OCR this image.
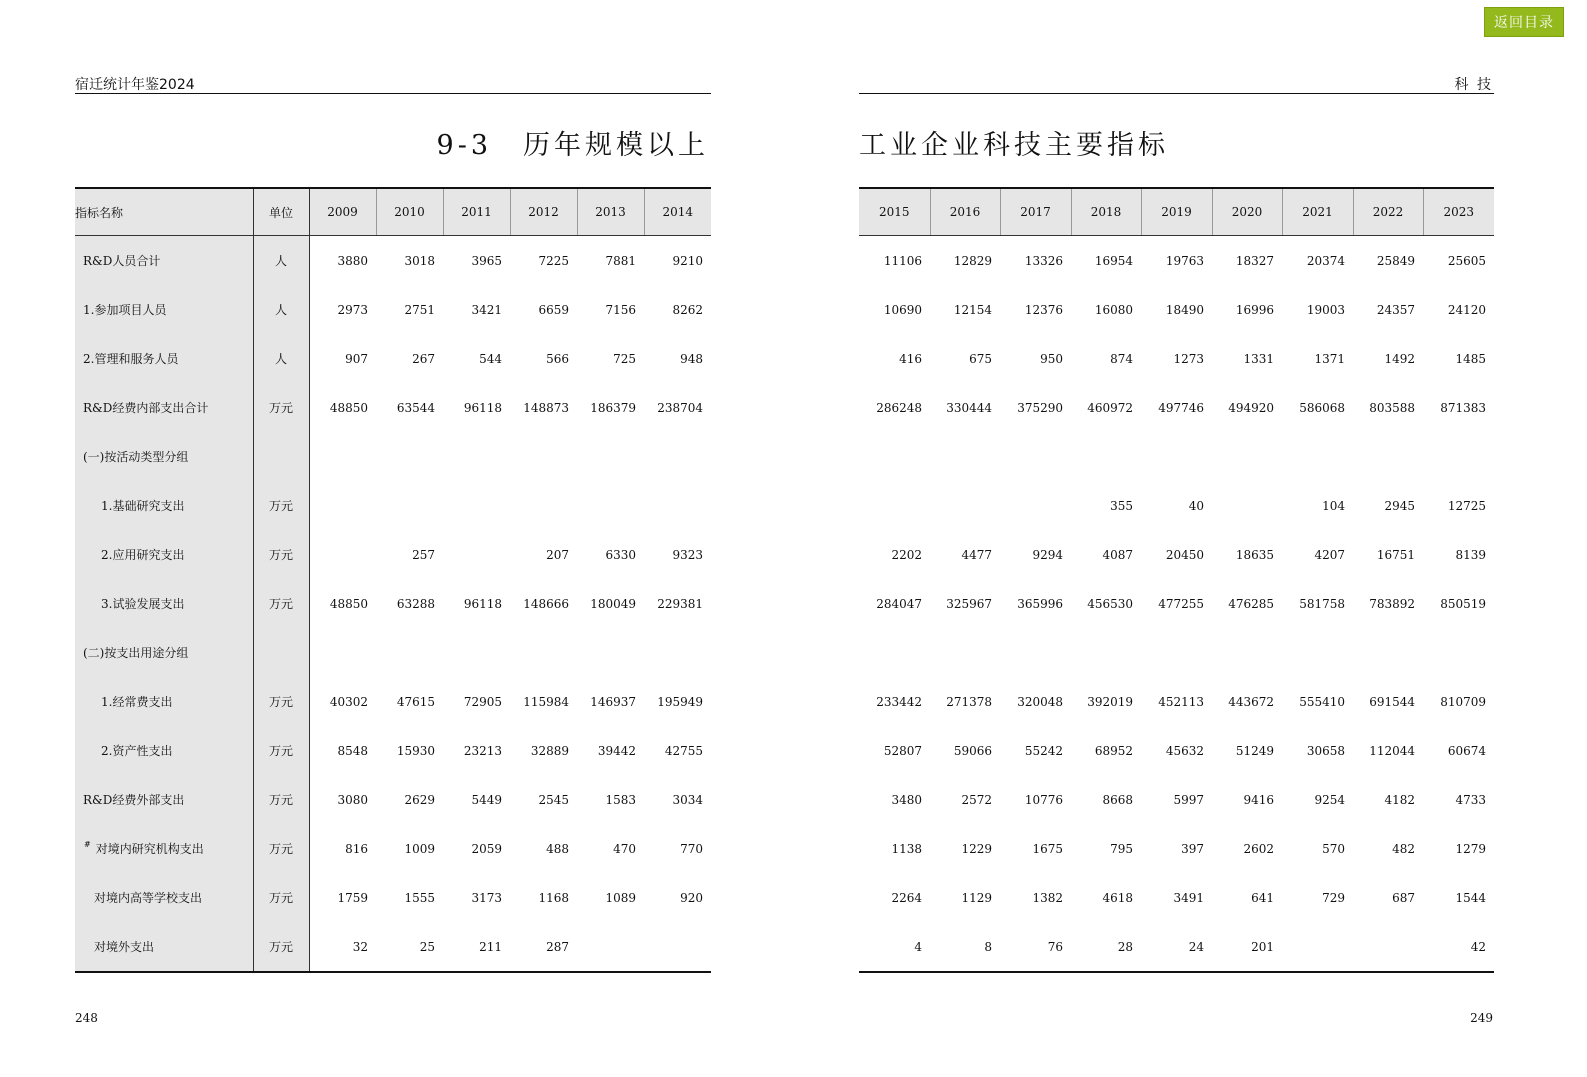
返回目录
宿迁统计年鉴2024	科 技
9-3　历年规模以上	工业企业科技主要指标
指标名称	单位	2009	2010	2011	2012	2013	2014
R&D人员合计	人	3880	3018	3965	7225	7881	9210
1.参加项目人员	人	2973	2751	3421	6659	7156	8262
2.管理和服务人员	人	907	267	544	566	725	948
R&D经费内部支出合计	万元	48850	63544	96118	148873	186379	238704
(一)按活动类型分组							
1.基础研究支出	万元						
2.应用研究支出	万元		257		207	6330	9323
3.试验发展支出	万元	48850	63288	96118	148666	180049	229381
(二)按支出用途分组							
1.经常费支出	万元	40302	47615	72905	115984	146937	195949
2.资产性支出	万元	8548	15930	23213	32889	39442	42755
R&D经费外部支出	万元	3080	2629	5449	2545	1583	3034
# 对境内研究机构支出	万元	816	1009	2059	488	470	770
对境内高等学校支出	万元	1759	1555	3173	1168	1089	920
对境外支出	万元	32	25	211	287		
2015	2016	2017	2018	2019	2020	2021	2022	2023
11106	12829	13326	16954	19763	18327	20374	25849	25605
10690	12154	12376	16080	18490	16996	19003	24357	24120
416	675	950	874	1273	1331	1371	1492	1485
286248	330444	375290	460972	497746	494920	586068	803588	871383

			355	40		104	2945	12725
2202	4477	9294	4087	20450	18635	4207	16751	8139
284047	325967	365996	456530	477255	476285	581758	783892	850519

233442	271378	320048	392019	452113	443672	555410	691544	810709
52807	59066	55242	68952	45632	51249	30658	112044	60674
3480	2572	10776	8668	5997	9416	9254	4182	4733
1138	1229	1675	795	397	2602	570	482	1279
2264	1129	1382	4618	3491	641	729	687	1544
4	8	76	28	24	201			42
248	249
